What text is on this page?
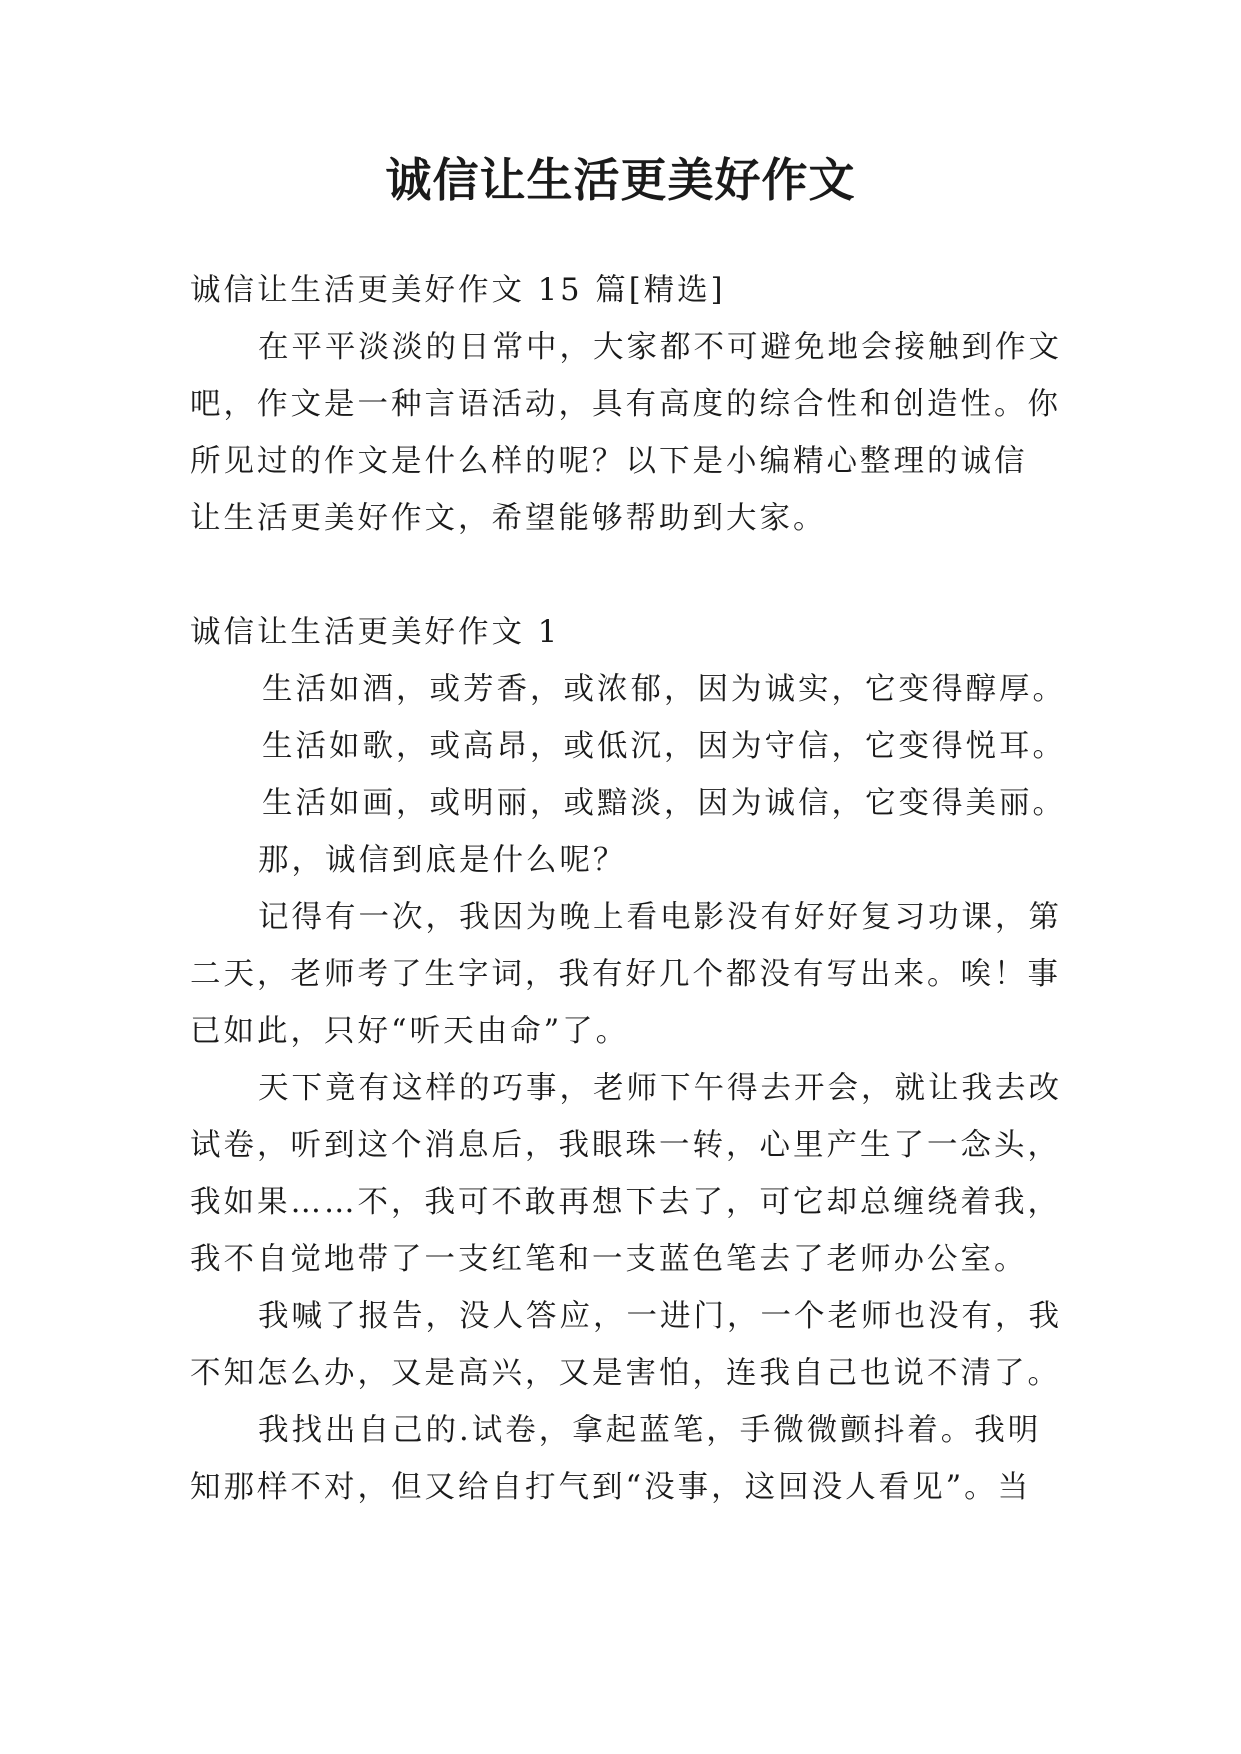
诚信让生活更美好作文
诚信让生活更美好作文 15 篇[精选]
在平平淡淡的日常中，大家都不可避免地会接触到作文
吧，作文是一种言语活动，具有高度的综合性和创造性。你
所见过的作文是什么样的呢？以下是小编精心整理的诚信
让生活更美好作文，希望能够帮助到大家。
诚信让生活更美好作文 1
生活如酒，或芳香，或浓郁，因为诚实，它变得醇厚。
生活如歌，或高昂，或低沉，因为守信，它变得悦耳。
生活如画，或明丽，或黯淡，因为诚信，它变得美丽。
那，诚信到底是什么呢？
记得有一次，我因为晚上看电影没有好好复习功课，第
二天，老师考了生字词，我有好几个都没有写出来。唉！事
已如此，只好“听天由命”了。
天下竟有这样的巧事，老师下午得去开会，就让我去改
试卷，听到这个消息后，我眼珠一转，心里产生了一念头，
我如果……不，我可不敢再想下去了，可它却总缠绕着我，
我不自觉地带了一支红笔和一支蓝色笔去了老师办公室。
我喊了报告，没人答应，一进门，一个老师也没有，我
不知怎么办，又是高兴，又是害怕，连我自己也说不清了。
我找出自己的.试卷，拿起蓝笔，手微微颤抖着。我明
知那样不对，但又给自打气到“没事，这回没人看见”。当
